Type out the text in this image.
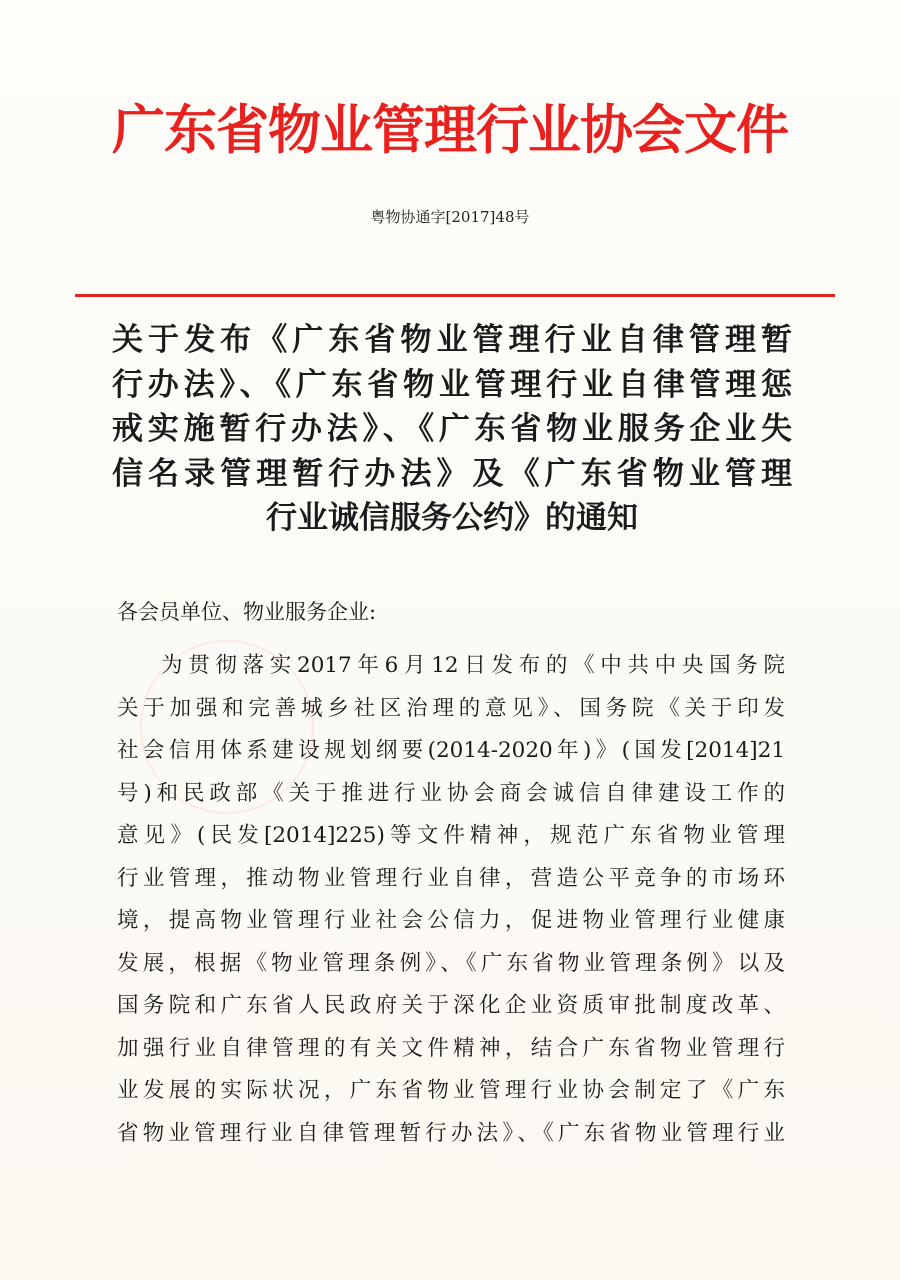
广东省物业管理行业协会文件
粤物协通字[2017]48号
关于发布《广东省物业管理行业自律管理暂
行办法》、《广东省物业管理行业自律管理惩
戒实施暂行办法》、《广东省物业服务企业失
信名录管理暂行办法》及《广东省物业管理
行业诚信服务公约》的通知
各会员单位、物业服务企业:
为贯彻落实2017年6月12日发布的《中共中央国务院
关于加强和完善城乡社区治理的意见》、国务院《关于印发
社会信用体系建设规划纲要(2014-2020年)》(国发[2014]21
号)和民政部《关于推进行业协会商会诚信自律建设工作的
意见》(民发[2014]225)等文件精神，规范广东省物业管理
行业管理，推动物业管理行业自律，营造公平竞争的市场环
境，提高物业管理行业社会公信力，促进物业管理行业健康
发展，根据《物业管理条例》、《广东省物业管理条例》以及
国务院和广东省人民政府关于深化企业资质审批制度改革、
加强行业自律管理的有关文件精神，结合广东省物业管理行
业发展的实际状况，广东省物业管理行业协会制定了《广东
省物业管理行业自律管理暂行办法》、《广东省物业管理行业
